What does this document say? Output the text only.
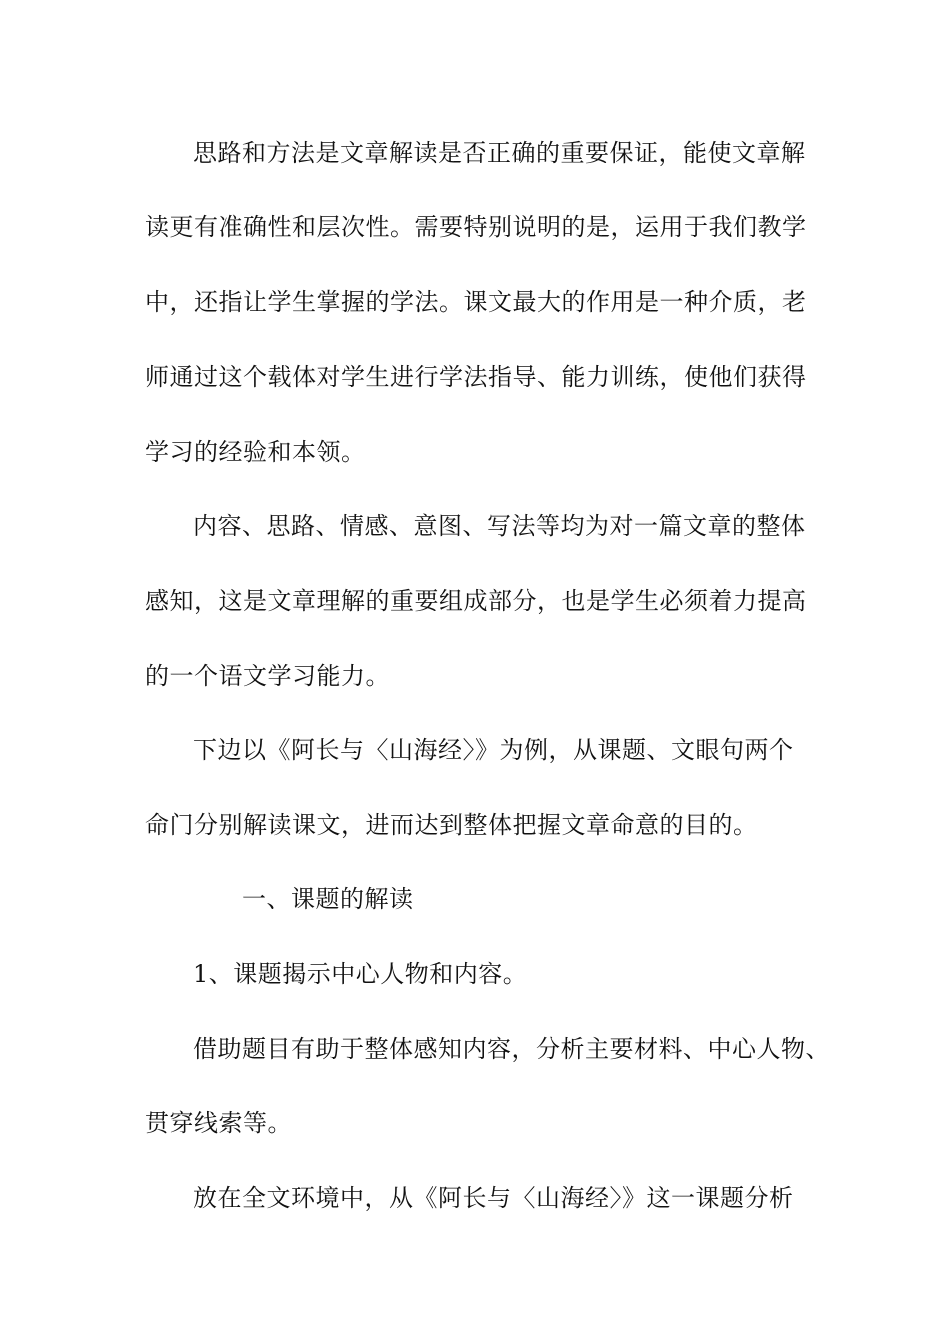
思路和方法是文章解读是否正确的重要保证，能使文章解
读更有准确性和层次性。需要特别说明的是，运用于我们教学
中，还指让学生掌握的学法。课文最大的作用是一种介质，老
师通过这个载体对学生进行学法指导、能力训练，使他们获得
学习的经验和本领。
内容、思路、情感、意图、写法等均为对一篇文章的整体
感知，这是文章理解的重要组成部分，也是学生必须着力提高
的一个语文学习能力。
下边以《阿长与〈山海经〉》为例，从课题、文眼句两个
命门分别解读课文，进而达到整体把握文章命意的目的。
一、课题的解读
1、课题揭示中心人物和内容。
借助题目有助于整体感知内容，分析主要材料、中心人物、
贯穿线索等。
放在全文环境中，从《阿长与〈山海经〉》这一课题分析
